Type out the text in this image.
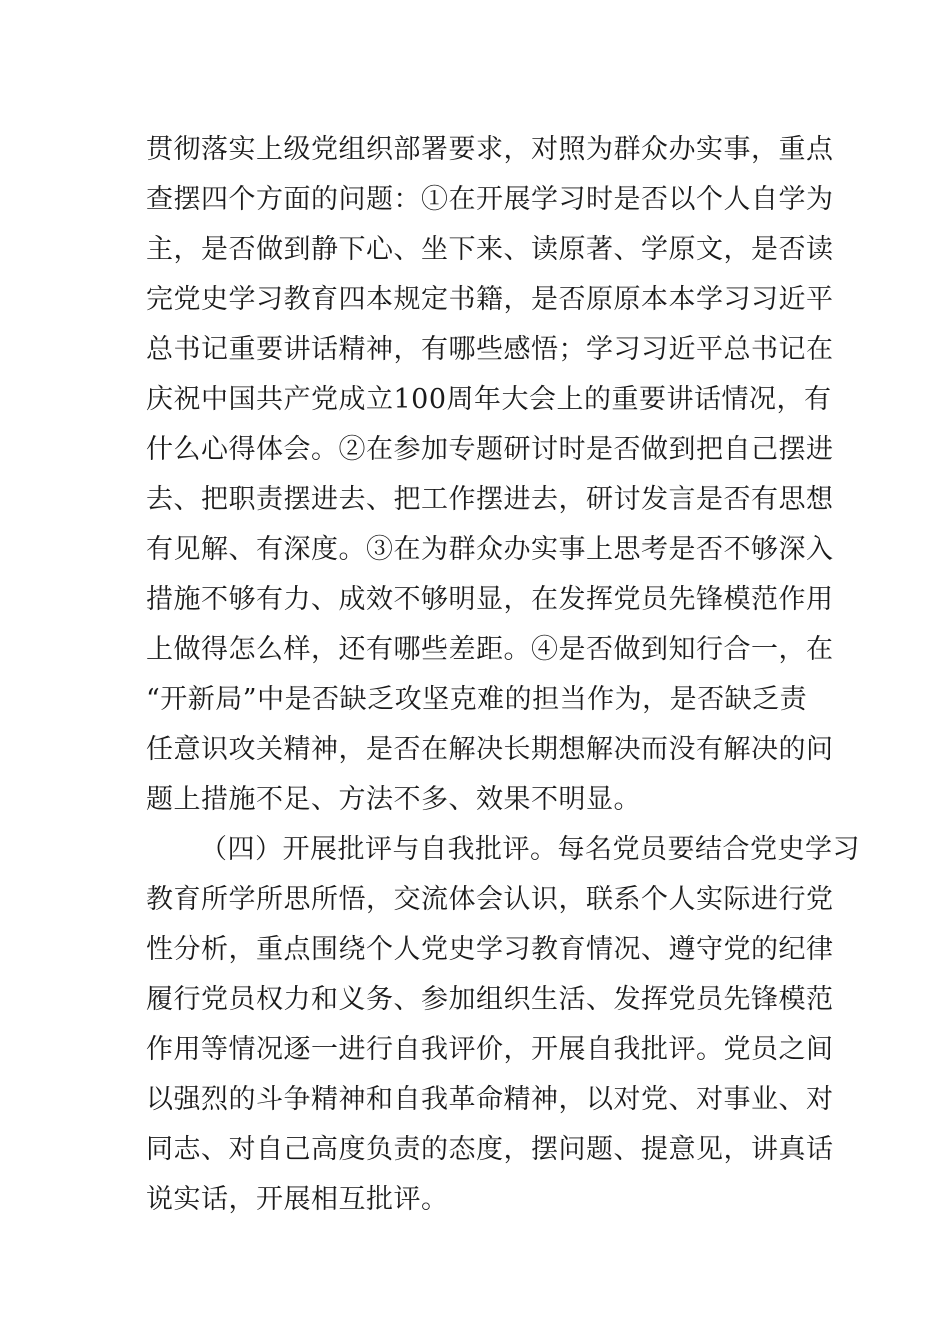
贯彻落实上级党组织部署要求，对照为群众办实事，重点
查摆四个方面的问题：①在开展学习时是否以个人自学为
主，是否做到静下心、坐下来、读原著、学原文，是否读
完党史学习教育四本规定书籍，是否原原本本学习习近平
总书记重要讲话精神，有哪些感悟；学习习近平总书记在
庆祝中国共产党成立100周年大会上的重要讲话情况，有
什么心得体会。②在参加专题研讨时是否做到把自己摆进
去、把职责摆进去、把工作摆进去，研讨发言是否有思想
有见解、有深度。③在为群众办实事上思考是否不够深入
措施不够有力、成效不够明显，在发挥党员先锋模范作用
上做得怎么样，还有哪些差距。④是否做到知行合一，在
“开新局”中是否缺乏攻坚克难的担当作为，是否缺乏责
任意识攻关精神，是否在解决长期想解决而没有解决的问
题上措施不足、方法不多、效果不明显。
（四）开展批评与自我批评。每名党员要结合党史学习
教育所学所思所悟，交流体会认识，联系个人实际进行党
性分析，重点围绕个人党史学习教育情况、遵守党的纪律
履行党员权力和义务、参加组织生活、发挥党员先锋模范
作用等情况逐一进行自我评价，开展自我批评。党员之间
以强烈的斗争精神和自我革命精神，以对党、对事业、对
同志、对自己高度负责的态度，摆问题、提意见，讲真话
说实话，开展相互批评。
